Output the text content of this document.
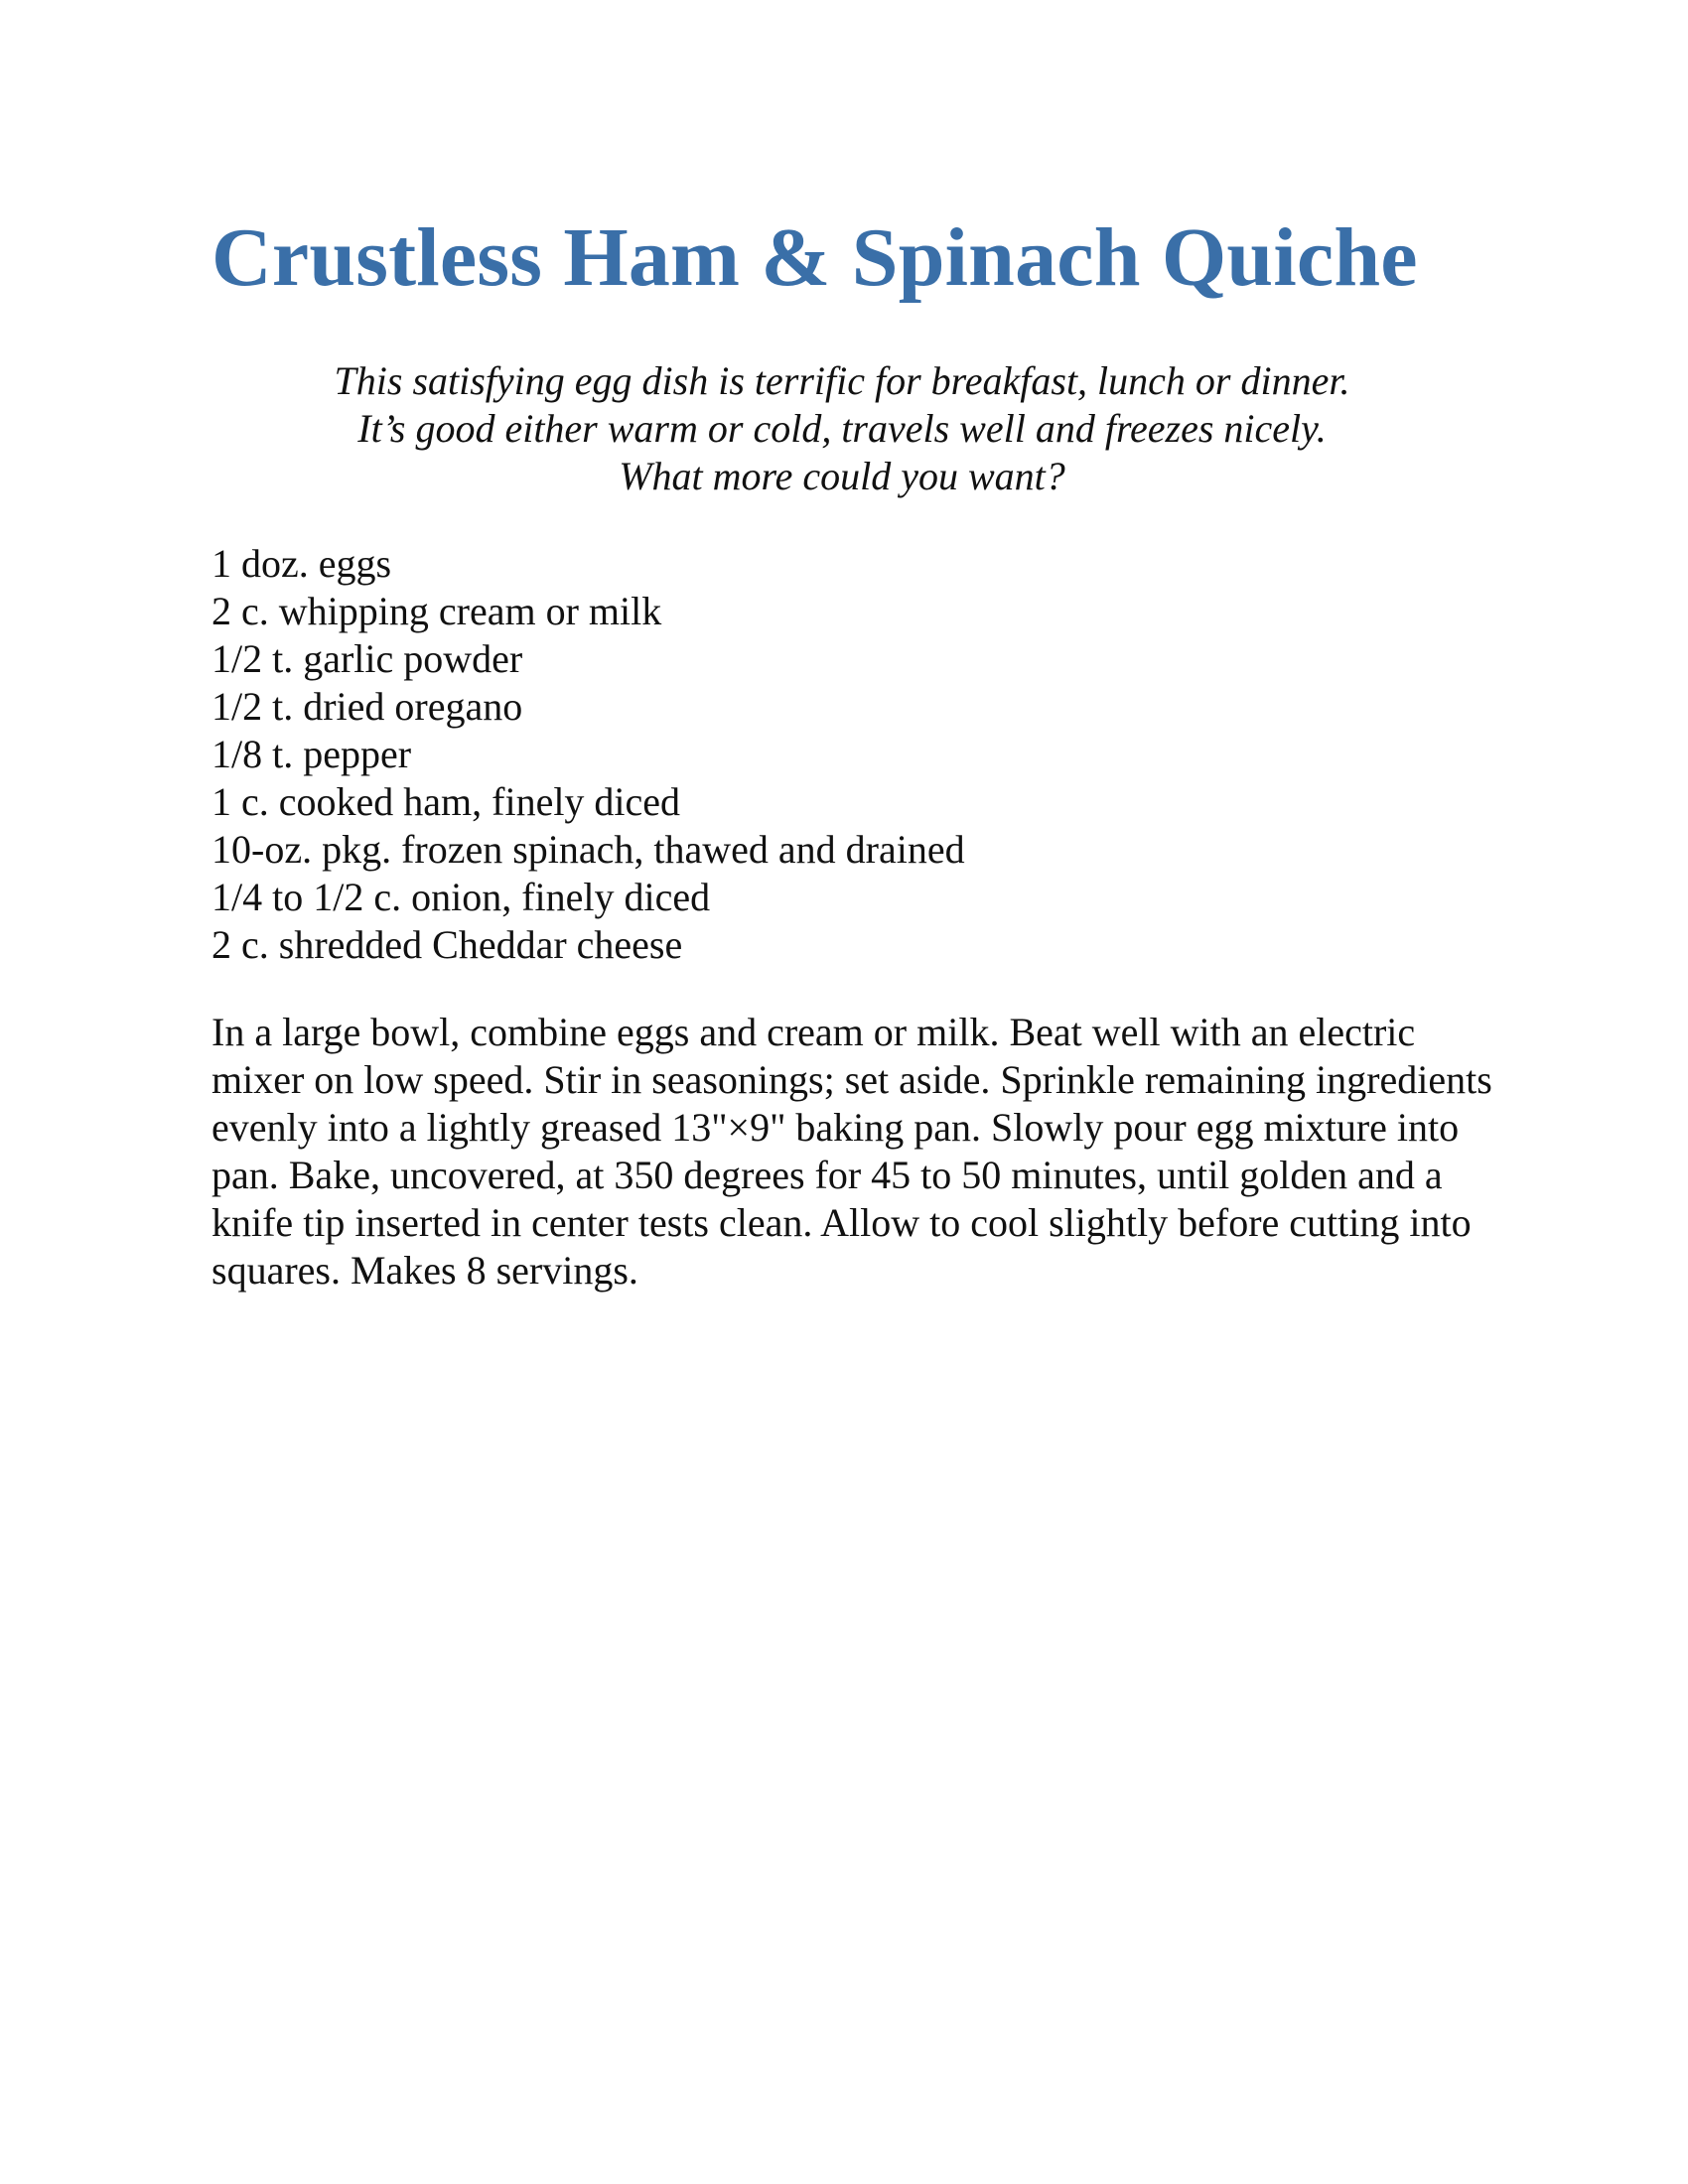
Crustless Ham & Spinach Quiche
This satisfying egg dish is terrific for breakfast, lunch or dinner.
It’s good either warm or cold, travels well and freezes nicely.
What more could you want?
1 doz. eggs
2 c. whipping cream or milk
1/2 t. garlic powder
1/2 t. dried oregano
1/8 t. pepper
1 c. cooked ham, finely diced
10-oz. pkg. frozen spinach, thawed and drained
1/4 to 1/2 c. onion, finely diced
2 c. shredded Cheddar cheese

In a large bowl, combine eggs and cream or milk. Beat well with an electric mixer on low speed. Stir in seasonings; set aside. Sprinkle remaining ingredients evenly into a lightly greased 13"×9" baking pan. Slowly pour egg mixture into pan. Bake, uncovered, at 350 degrees for 45 to 50 minutes, until golden and a knife tip inserted in center tests clean. Allow to cool slightly before cutting into squares. Makes 8 servings.
